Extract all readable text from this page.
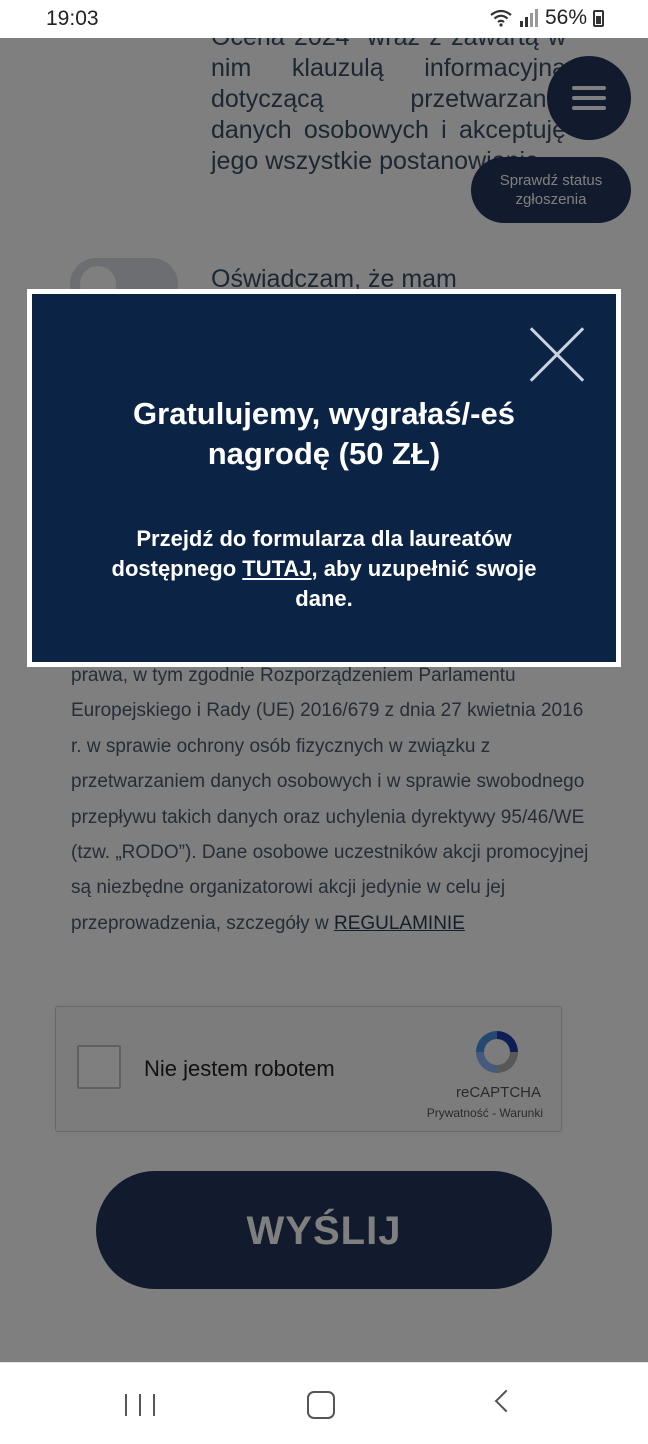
19:03	56%
Gratulujemy, wygrałaś/-eś
nagrodę (50 ZŁ)

Przejdź do formularza dla laureatów
dostępnego TUTAJ, aby uzupełnić swoje
dane.
